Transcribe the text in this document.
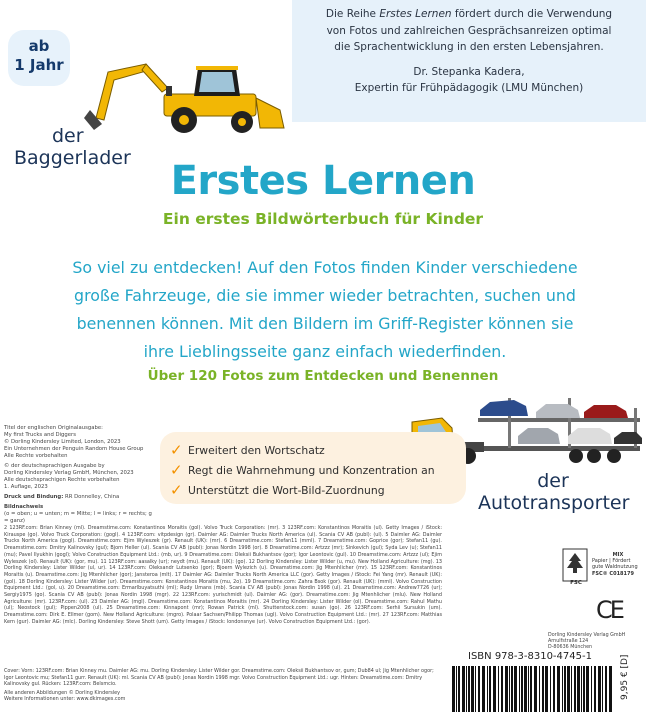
ab
1 Jahr

Die Reihe Erstes Lernen fördert durch die Verwendung

von Fotos und zahlreichen Gesprächsanreizen optimal

die Sprachentwicklung in den ersten Lebensjahren.

Dr. Stepanka Kadera,

Expertin für Frühpädagogik (LMU München)

der
Baggerlader Erstes Lernen
Ein erstes Bildwörterbuch für Kinder
So viel zu entdecken! Auf den Fotos finden Kinder verschiedene
große Fahrzeuge, die sie immer wieder betrachten, suchen und
benennen können. Mit den Bildern im Griff-Register können sie
ihre Lieblingsseite ganz einfach wiederfinden.
Über 120 Fotos zum Entdecken und Benennen
✓ Erweitert den Wortschatz
✓ Regt die Wahrnehmung und Konzentration an
✓ Unterstützt die Wort-Bild-Zuordnung	der
Autotransporter

Titel der englischen Originalausgabe:
My first Trucks and Diggers
© Dorling Kindersley Limited, London, 2023
Ein Unternehmen der Penguin Random House Group
Alle Rechte vorbehalten

© der deutschsprachigen Ausgabe by
Dorling Kindersley Verlag GmbH, München, 2023
Alle deutschsprachigen Rechte vorbehalten
1. Auflage, 2023

Druck und Bindung: RR Donnelley, China

Bildnachweis
(o = oben; u = unten; m = Mitte; l = links; r = rechts; g = ganz)

2 123RF.com: Brian Kinney (ml). Dreamstime.com: Konstantinos Moraitis (gol). Volvo Truck Corporation: (mr). 3 123RF.com: Konstantinos Moraitis (ul). Getty Images / iStock: Kirauspe (go). Volvo Truck Corporation: (gogl). 4 123RF.com: vitpdesign (gr). Daimler AG: Daimler Trucks North America (ul). Scania CV AB (publ): (ul). 5 Daimler AG: Daimler Trucks North America (gogl). Dreamstime.com: Ejim Wyleszek (gr). Renault (UK): (mr). 6 Dreamstime.com: Stefan11 (mml). 7 Dreamstime.com: Goprice (gor); Stefan11 (gu). Dreamstime.com: Dmitry Kalinovsky (gul); Bjorn Heller (ul). Scania CV AB (publ): Jonas Nordin 1998 (or). 8 Dreamstime.com: Artzzz (mr); Sinkevich (gul); Syda Lev (u); Stefan11 (mu); Pavel Ilyukhin (gogl); Volvo Construction Equipment Ltd.: (mb, ur). 9 Dreamstime.com: Oleksii Bukhantsov (gor); Igor Leontovic (gul). 10 Dreamstime.com: Artzzz (ul); Ejim Wyleszek (ol). Renault (UK): (gor, mu). 11 123RF.com: aasalky (ur); neydt (mu). Renault (UK): (go). 12 Dorling Kindersley: Lister Wilder (u, mu). New Holland Agriculture: (mg). 13 Dorling Kindersley: Lister Wilder (ul, ur). 14 123RF.com: Oleksandr Lutsenko (gor); Bjoern Wylezich (u). Dreamstime.com: Jig Mtenhlicher (mr). 15 123RF.com: Konstantinos Moraitis (u). Dreamstime.com: Jig Mtenhlicher (gor); Jansteroa (mlt). 17 Daimler AG: Daimler Trucks North America LLC (gor). Getty Images / iStock: Fei Yang (mr). Renault (UK): (gol). 18 Dorling Kindersley: Lister Wilder (ur). Dreamstime.com: Konstantinos Moraitis (mu, 2o). 19 Dreamstime.com: Zahra Bsok (gor). Renault (UK): (mml). Volvo Construction Equipment Ltd.: (gol, u). 20 Dreamstime.com: Ermarlbuyatsuthi (ml); Rudy Umans (mb). Scania CV AB (publ): Jonas Nordin 1998 (ul). 21 Dreamstime.com: Andrew7726 (ur); Sergiy1975 (go). Scania CV AB (publ): Jonas Nordin 1998 (mgr). 22 123RF.com: yurischmidt (ul). Daimler AG: (gor). Dreamstime.com: Jig Mtenhlicher (mlu). New Holland Agriculture: (mr). 123RF.com: (ul). 23 Daimler AG: (mgl). Dreamstime.com: Konstantinos Moraitis (mr). 24 Dorling Kindersley: Lister Wilder (ol). Dreamstime.com: Rahul Mathu (ul); Neostock (gul); Pippen2008 (ul). 25 Dreamstime.com: Kinnapont (mr); Rowan Patrick (ml). Shutterstock.com: susan (go). 26 123RF.com: Serhii Sursukin (um). Dreamstime.com: Dirk E. Ellmer (gom). New Holland Agriculture: (mgro). Polaar Sachsen/Philipp Thomas (ugl). Volvo Construction Equipment Ltd.: (mr). 27 123RF.com: Matthias Kern (gur). Daimler AG: (mlc). Dorling Kindersley: Steve Shott (um). Getty Images / iStock: londonsnye (ur). Volvo Construction Equipment Ltd.: (gor).

Cover: Vorn: 123RF.com: Brian Kinney mu. Daimler AG: mu. Dorling Kindersley: Lister Wilder gor. Dreamstime.com: Oleksii Bukhantsov or, gum; Dub84 ul; Jig Mtenhlicher ogor; Igor Leontovic mu; Stefan11 gurr. Renault (UK): ml. Scania CV AB (publ): Jonas Nordin 1998 mgr. Volvo Construction Equipment Ltd.: ugr. Hinten: Dreamstime.com: Dmitry Kalinovsky gul. Rücken: 123RF.com: Belsmcio.

Alle anderen Abbildungen © Dorling Kindersley
Weitere Informationen unter: www.dkimages.com

FSC
MIX
Papier | Fördert
gute Waldnutzung
FSC® C018179
CE
Dorling Kindersley Verlag GmbH
Arnulfstraße 124
D-80636 München
ISBN 978-3-8310-4745-1	9,95 € [D]
